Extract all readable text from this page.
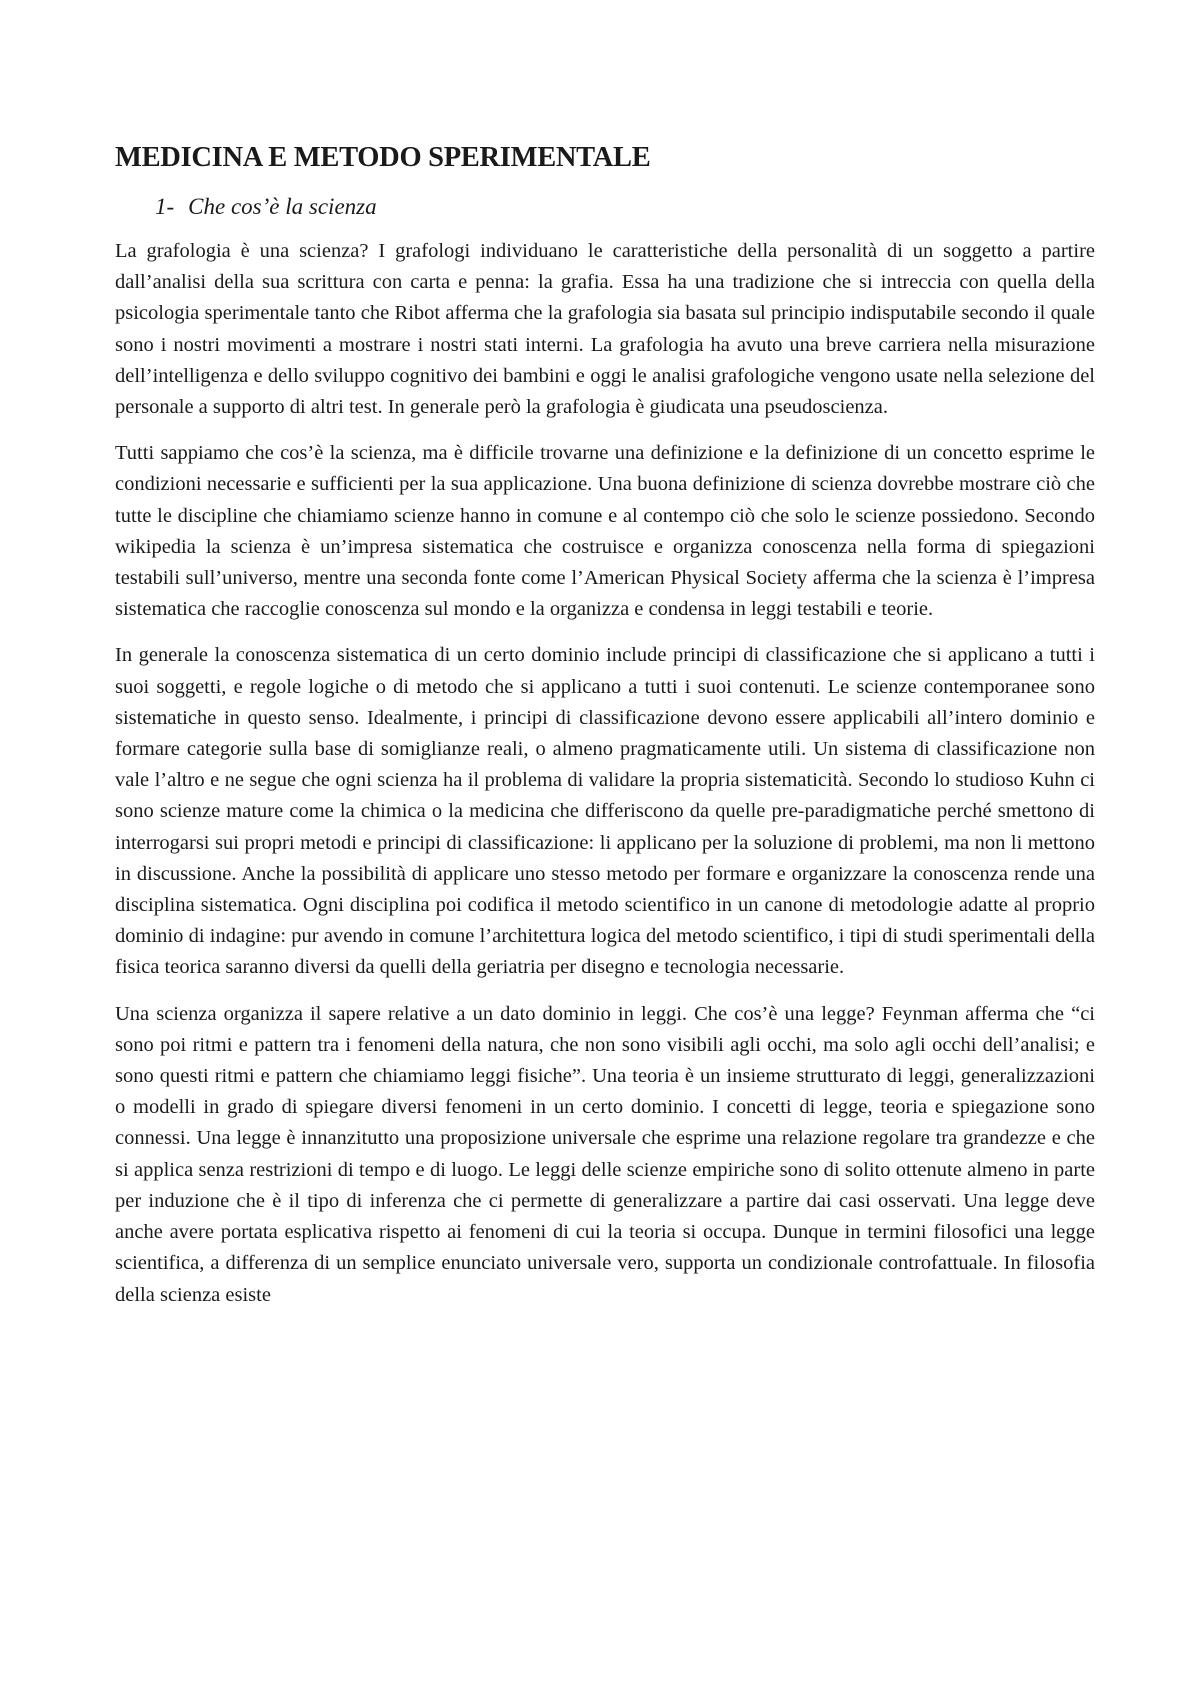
MEDICINA E METODO SPERIMENTALE
1- Che cos’è la scienza

La grafologia è una scienza? I grafologi individuano le caratteristiche della personalità di un soggetto a partire dall’analisi della sua scrittura con carta e penna: la grafia. Essa ha una tradizione che si intreccia con quella della psicologia sperimentale tanto che Ribot afferma che la grafologia sia basata sul principio indisputabile secondo il quale sono i nostri movimenti a mostrare i nostri stati interni. La grafologia ha avuto una breve carriera nella misurazione dell’intelligenza e dello sviluppo cognitivo dei bambini e oggi le analisi grafologiche vengono usate nella selezione del personale a supporto di altri test. In generale però la grafologia è giudicata una pseudoscienza.

Tutti sappiamo che cos’è la scienza, ma è difficile trovarne una definizione e la definizione di un concetto esprime le condizioni necessarie e sufficienti per la sua applicazione. Una buona definizione di scienza dovrebbe mostrare ciò che tutte le discipline che chiamiamo scienze hanno in comune e al contempo ciò che solo le scienze possiedono. Secondo wikipedia la scienza è un’impresa sistematica che costruisce e organizza conoscenza nella forma di spiegazioni testabili sull’universo, mentre una seconda fonte come l’American Physical Society afferma che la scienza è l’impresa sistematica che raccoglie conoscenza sul mondo e la organizza e condensa in leggi testabili e teorie.

In generale la conoscenza sistematica di un certo dominio include principi di classificazione che si applicano a tutti i suoi soggetti, e regole logiche o di metodo che si applicano a tutti i suoi contenuti. Le scienze contemporanee sono sistematiche in questo senso. Idealmente, i principi di classificazione devono essere applicabili all’intero dominio e formare categorie sulla base di somiglianze reali, o almeno pragmaticamente utili. Un sistema di classificazione non vale l’altro e ne segue che ogni scienza ha il problema di validare la propria sistematicità. Secondo lo studioso Kuhn ci sono scienze mature come la chimica o la medicina che differiscono da quelle pre-paradigmatiche perché smettono di interrogarsi sui propri metodi e principi di classificazione: li applicano per la soluzione di problemi, ma non li mettono in discussione. Anche la possibilità di applicare uno stesso metodo per formare e organizzare la conoscenza rende una disciplina sistematica. Ogni disciplina poi codifica il metodo scientifico in un canone di metodologie adatte al proprio dominio di indagine: pur avendo in comune l’architettura logica del metodo scientifico, i tipi di studi sperimentali della fisica teorica saranno diversi da quelli della geriatria per disegno e tecnologia necessarie.

Una scienza organizza il sapere relative a un dato dominio in leggi. Che cos’è una legge? Feynman afferma che “ci sono poi ritmi e pattern tra i fenomeni della natura, che non sono visibili agli occhi, ma solo agli occhi dell’analisi; e sono questi ritmi e pattern che chiamiamo leggi fisiche”. Una teoria è un insieme strutturato di leggi, generalizzazioni o modelli in grado di spiegare diversi fenomeni in un certo dominio. I concetti di legge, teoria e spiegazione sono connessi. Una legge è innanzitutto una proposizione universale che esprime una relazione regolare tra grandezze e che si applica senza restrizioni di tempo e di luogo. Le leggi delle scienze empiriche sono di solito ottenute almeno in parte per induzione che è il tipo di inferenza che ci permette di generalizzare a partire dai casi osservati. Una legge deve anche avere portata esplicativa rispetto ai fenomeni di cui la teoria si occupa. Dunque in termini filosofici una legge scientifica, a differenza di un semplice enunciato universale vero, supporta un condizionale controfattuale. In filosofia della scienza esiste
